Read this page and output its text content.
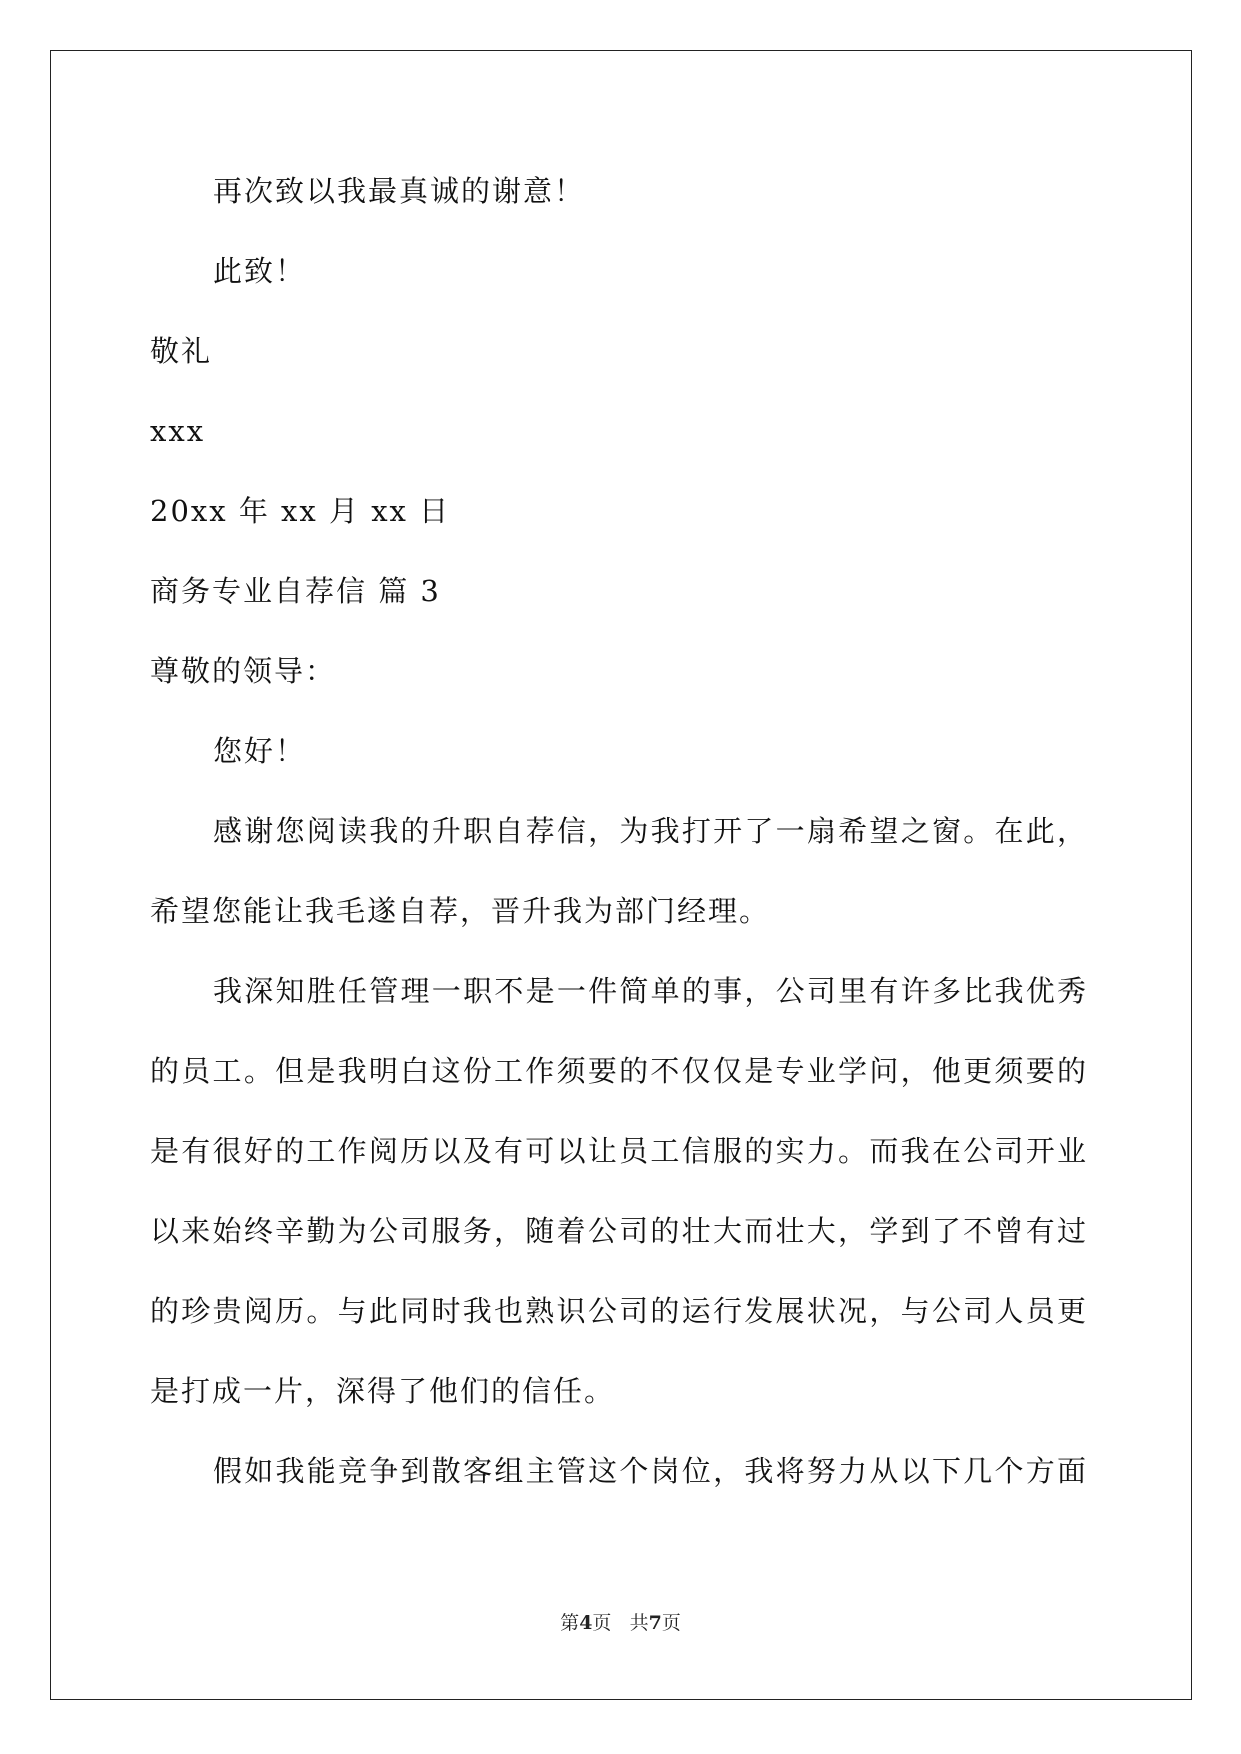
再次致以我最真诚的谢意！
此致！
敬礼
xxx
20xx 年 xx 月 xx 日
商务专业自荐信 篇 3
尊敬的领导：
您好！
感谢您阅读我的升职自荐信，为我打开了一扇希望之窗。在此，
希望您能让我毛遂自荐，晋升我为部门经理。
我深知胜任管理一职不是一件简单的事，公司里有许多比我优秀
的员工。但是我明白这份工作须要的不仅仅是专业学问，他更须要的
是有很好的工作阅历以及有可以让员工信服的实力。而我在公司开业
以来始终辛勤为公司服务，随着公司的壮大而壮大，学到了不曾有过
的珍贵阅历。与此同时我也熟识公司的运行发展状况，与公司人员更
是打成一片，深得了他们的信任。
假如我能竞争到散客组主管这个岗位，我将努力从以下几个方面
第4页 共7页
